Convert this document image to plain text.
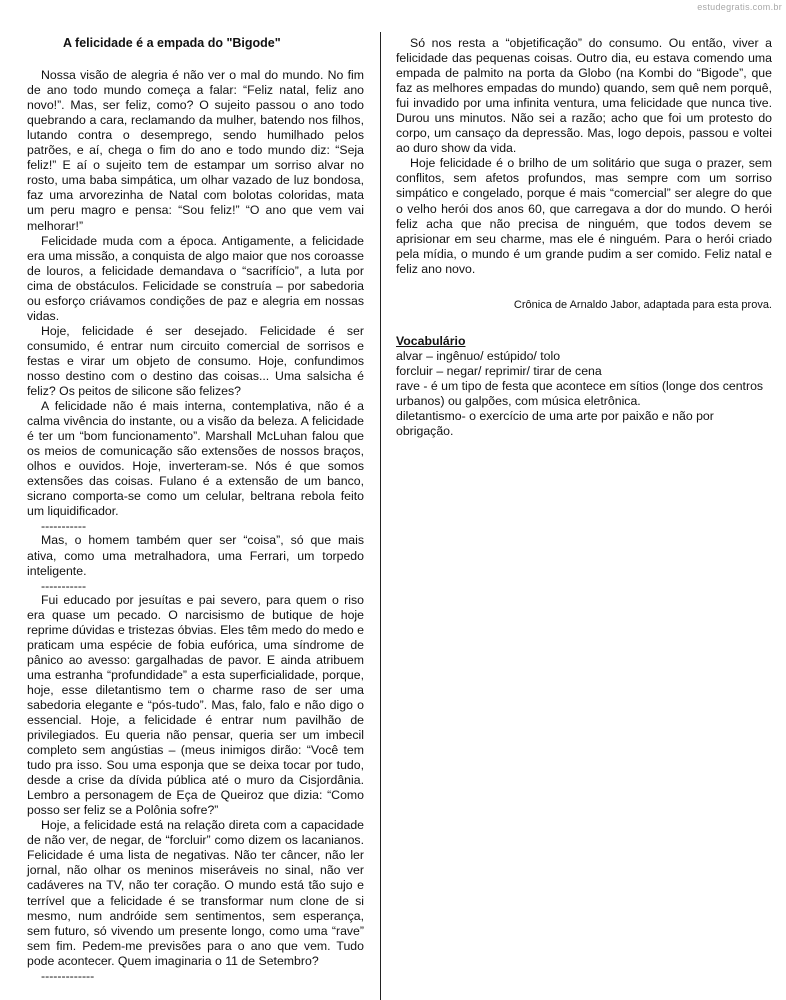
estudegratis.com.br
A felicidade é a empada do "Bigode"

Nossa visão de alegria é não ver o mal do mundo. No fim de ano todo mundo começa a falar: “Feliz natal, feliz ano novo!”. Mas, ser feliz, como? O sujeito passou o ano todo quebrando a cara, reclamando da mulher, batendo nos filhos, lutando contra o desemprego, sendo humilhado pelos patrões, e aí, chega o fim do ano e todo mundo diz: “Seja feliz!” E aí o sujeito tem de estampar um sorriso alvar no rosto, uma baba simpática, um olhar vazado de luz bondosa, faz uma arvorezinha de Natal com bolotas coloridas, mata um peru magro e pensa: “Sou feliz!” “O ano que vem vai melhorar!”

Felicidade muda com a época. Antigamente, a felicidade era uma missão, a conquista de algo maior que nos coroasse de louros, a felicidade demandava o “sacrifício”, a luta por cima de obstáculos. Felicidade se construía – por sabedoria ou esforço criávamos condições de paz e alegria em nossas vidas.

Hoje, felicidade é ser desejado. Felicidade é ser consumido, é entrar num circuito comercial de sorrisos e festas e virar um objeto de consumo. Hoje, confundimos nosso destino com o destino das coisas... Uma salsicha é feliz? Os peitos de silicone são felizes?

A felicidade não é mais interna, contemplativa, não é a calma vivência do instante, ou a visão da beleza. A felicidade é ter um “bom funcionamento”. Marshall McLuhan falou que os meios de comunicação são extensões de nossos braços, olhos e ouvidos. Hoje, inverteram-se. Nós é que somos extensões das coisas. Fulano é a extensão de um banco, sicrano comporta-se como um celular, beltrana rebola feito um liquidificador.

-----------

Mas, o homem também quer ser “coisa”, só que mais ativa, como uma metralhadora, uma Ferrari, um torpedo inteligente.

-----------

Fui educado por jesuítas e pai severo, para quem o riso era quase um pecado. O narcisismo de butique de hoje reprime dúvidas e tristezas óbvias. Eles têm medo do medo e praticam uma espécie de fobia eufórica, uma síndrome de pânico ao avesso: gargalhadas de pavor. E ainda atribuem uma estranha “profundidade” a esta superficialidade, porque, hoje, esse diletantismo tem o charme raso de ser uma sabedoria elegante e “pós-tudo”. Mas, falo, falo e não digo o essencial. Hoje, a felicidade é entrar num pavilhão de privilegiados. Eu queria não pensar, queria ser um imbecil completo sem angústias – (meus inimigos dirão: “Você tem tudo pra isso. Sou uma esponja que se deixa tocar por tudo, desde a crise da dívida pública até o muro da Cisjordânia. Lembro a personagem de Eça de Queiroz que dizia: “Como posso ser feliz se a Polônia sofre?”

Hoje, a felicidade está na relação direta com a capacidade de não ver, de negar, de “forcluir” como dizem os lacanianos. Felicidade é uma lista de negativas. Não ter câncer, não ler jornal, não olhar os meninos miseráveis no sinal, não ver cadáveres na TV, não ter coração. O mundo está tão sujo e terrível que a felicidade é se transformar num clone de si mesmo, num andróide sem sentimentos, sem esperança, sem futuro, só vivendo um presente longo, como uma “rave” sem fim. Pedem-me previsões para o ano que vem. Tudo pode acontecer. Quem imaginaria o 11 de Setembro?

-------------

Só nos resta a “objetificação” do consumo. Ou então, viver a felicidade das pequenas coisas. Outro dia, eu estava comendo uma empada de palmito na porta da Globo (na Kombi do “Bigode”, que faz as melhores empadas do mundo) quando, sem quê nem porquê, fui invadido por uma infinita ventura, uma felicidade que nunca tive. Durou uns minutos. Não sei a razão; acho que foi um protesto do corpo, um cansaço da depressão. Mas, logo depois, passou e voltei ao duro show da vida.

Hoje felicidade é o brilho de um solitário que suga o prazer, sem conflitos, sem afetos profundos, mas sempre com um sorriso simpático e congelado, porque é mais “comercial” ser alegre do que o velho herói dos anos 60, que carregava a dor do mundo. O herói feliz acha que não precisa de ninguém, que todos devem se aprisionar em seu charme, mas ele é ninguém. Para o herói criado pela mídia, o mundo é um grande pudim a ser comido. Feliz natal e feliz ano novo.

Crônica de Arnaldo Jabor, adaptada para esta prova.

Vocabulário
alvar – ingênuo/ estúpido/ tolo
forcluir – negar/ reprimir/ tirar de cena
rave - é um tipo de festa que acontece em sítios (longe dos centros urbanos) ou galpões, com música eletrônica.
diletantismo- o exercício de uma arte por paixão e não por obrigação.
